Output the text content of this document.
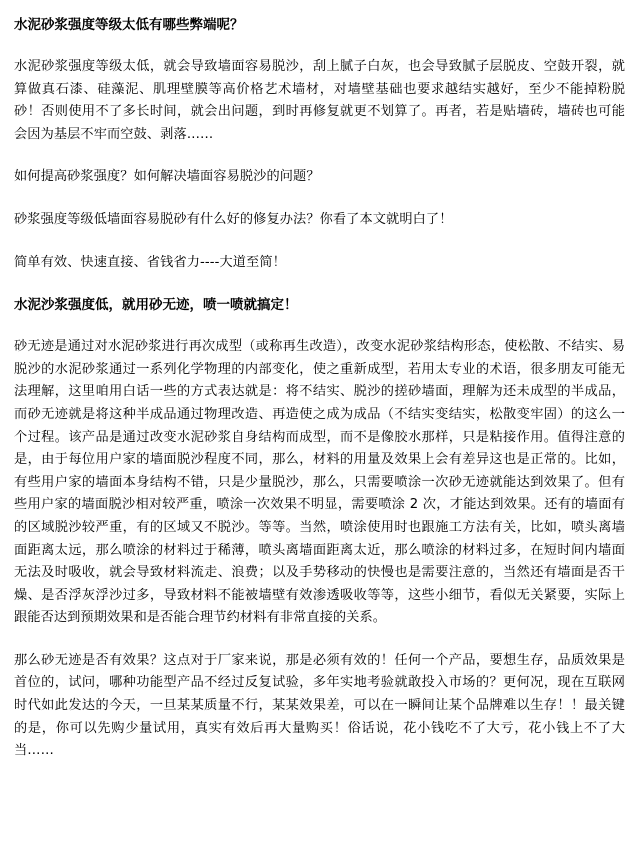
水泥砂浆强度等级太低有哪些弊端呢？
水泥砂浆强度等级太低，就会导致墙面容易脱沙，刮上腻子白灰，也会导致腻子层脱皮、空鼓开裂，就算做真石漆、硅藻泥、肌理壁膜等高价格艺术墙材，对墙壁基础也要求越结实越好，至少不能掉粉脱砂！否则使用不了多长时间，就会出问题，到时再修复就更不划算了。再者，若是贴墙砖，墙砖也可能会因为基层不牢而空鼓、剥落……
如何提高砂浆强度？如何解决墙面容易脱沙的问题？
砂浆强度等级低墙面容易脱砂有什么好的修复办法？你看了本文就明白了！
简单有效、快速直接、省钱省力----大道至简！
水泥沙浆强度低，就用砂无迹，喷一喷就搞定！
砂无迹是通过对水泥砂浆进行再次成型（或称再生改造），改变水泥砂浆结构形态，使松散、不结实、易脱沙的水泥砂浆通过一系列化学物理的内部变化，使之重新成型，若用太专业的术语，很多朋友可能无法理解，这里咱用白话一些的方式表达就是：将不结实、脱沙的搓砂墙面，理解为还未成型的半成品，而砂无迹就是将这种半成品通过物理改造、再造使之成为成品（不结实变结实，松散变牢固）的这么一个过程。该产品是通过改变水泥砂浆自身结构而成型，而不是像胶水那样，只是粘接作用。值得注意的是，由于每位用户家的墙面脱沙程度不同，那么，材料的用量及效果上会有差异这也是正常的。比如，有些用户家的墙面本身结构不错，只是少量脱沙，那么，只需要喷涂一次砂无迹就能达到效果了。但有些用户家的墙面脱沙相对较严重，喷涂一次效果不明显，需要喷涂 2 次，才能达到效果。还有的墙面有的区域脱沙较严重，有的区域又不脱沙。等等。当然，喷涂使用时也跟施工方法有关，比如，喷头离墙面距离太远，那么喷涂的材料过于稀薄，喷头离墙面距离太近，那么喷涂的材料过多，在短时间内墙面无法及时吸收，就会导致材料流走、浪费；以及手势移动的快慢也是需要注意的，当然还有墙面是否干燥、是否浮灰浮沙过多，导致材料不能被墙壁有效渗透吸收等等，这些小细节，看似无关紧要，实际上跟能否达到预期效果和是否能合理节约材料有非常直接的关系。
那么砂无迹是否有效果？这点对于厂家来说，那是必须有效的！任何一个产品，要想生存，品质效果是首位的，试问，哪种功能型产品不经过反复试验，多年实地考验就敢投入市场的？更何况，现在互联网时代如此发达的今天，一旦某某质量不行，某某效果差，可以在一瞬间让某个品牌难以生存！！最关键的是，你可以先购少量试用，真实有效后再大量购买！俗话说，花小钱吃不了大亏，花小钱上不了大当……
